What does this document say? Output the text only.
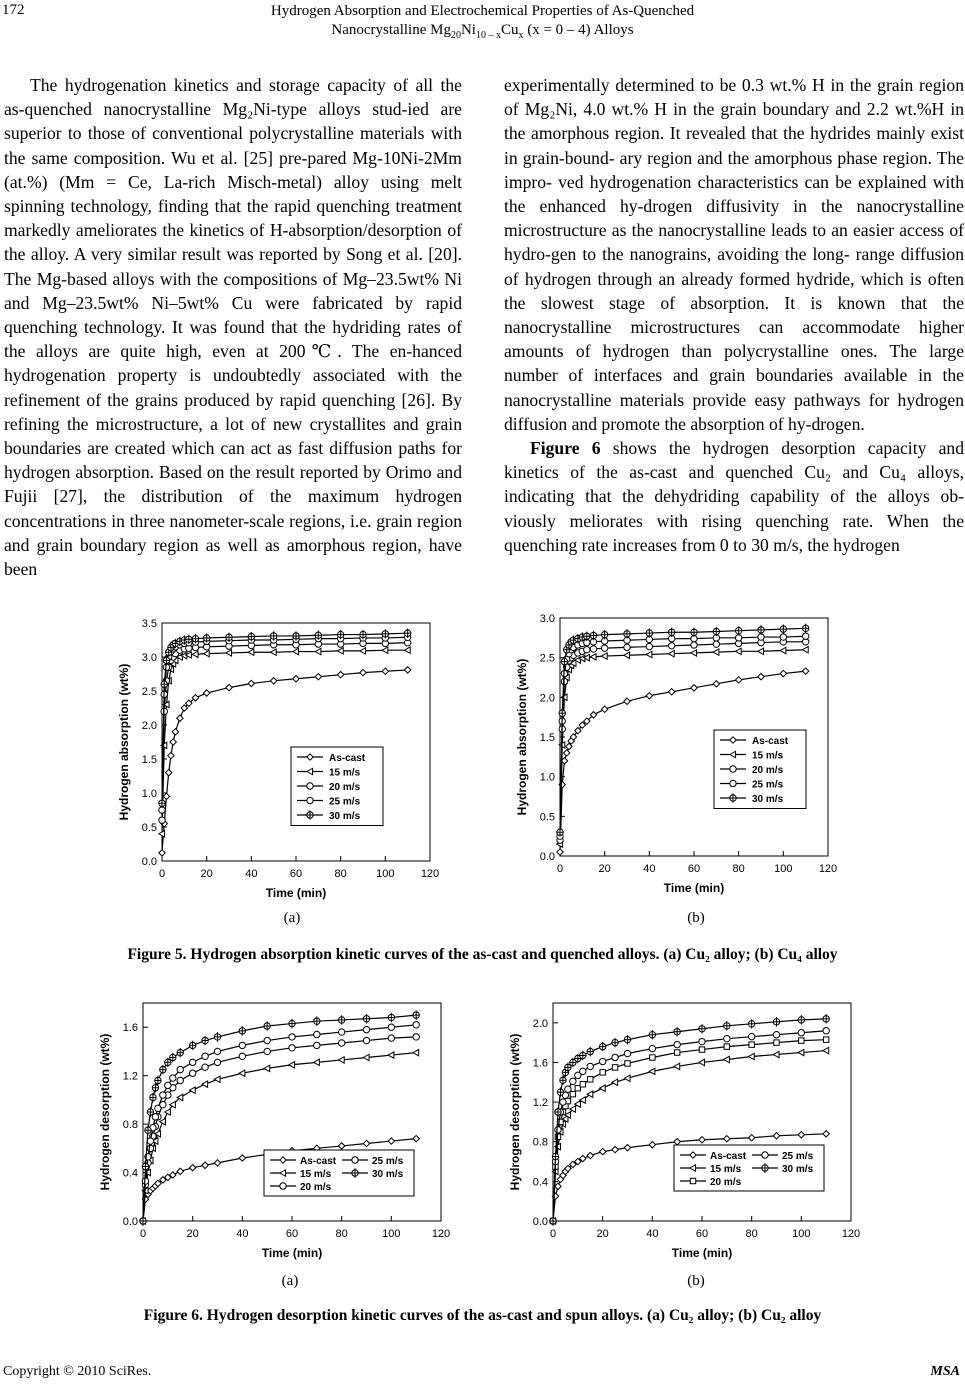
172	Hydrogen Absorption and Electrochemical Properties of As-Quenched
Nanocrystalline $Mg_{20}Ni_{10 - x}Cu_x$ (x = 0 – 4) Alloys

The hydrogenation kinetics and storage capacity of all the as-quenched nanocrystalline Mg₂Ni-type alloys stud-ied are superior to those of conventional polycrystalline materials with the same composition. Wu et al. [25] pre-pared Mg-10Ni-2Mm (at.%) (Mm = Ce, La-rich Misch-metal) alloy using melt spinning technology, finding that the rapid quenching treatment markedly ameliorates the kinetics of H-absorption/desorption of the alloy. A very similar result was reported by Song et al. [20]. The Mg-based alloys with the compositions of Mg–23.5wt% Ni and Mg–23.5wt% Ni–5wt% Cu were fabricated by rapid quenching technology. It was found that the hydriding rates of the alloys are quite high, even at 200℃. The en-hanced hydrogenation property is undoubtedly associated with the refinement of the grains produced by rapid quenching [26]. By refining the microstructure, a lot of new crystallites and grain boundaries are created which can act as fast diffusion paths for hydrogen absorption. Based on the result reported by Orimo and Fujii [27], the distribution of the maximum hydrogen concentrations in three nanometer-scale regions, i.e. grain region and grain boundary region as well as amorphous region, have been

experimentally determined to be 0.3 wt.% H in the grain region of Mg₂Ni, 4.0 wt.% H in the grain boundary and 2.2 wt.%H in the amorphous region. It revealed that the hydrides mainly exist in grain-bound- ary region and the amorphous phase region. The impro- ved hydrogenation characteristics can be explained with the enhanced hy-drogen diffusivity in the nanocrystalline microstructure as the nanocrystalline leads to an easier access of hydro-gen to the nanograins, avoiding the long- range diffusion of hydrogen through an already formed hydride, which is often the slowest stage of absorption. It is known that the nanocrystalline microstructures can accommodate higher amounts of hydrogen than polycrystalline ones. The large number of interfaces and grain boundaries available in the nanocrystalline materials provide easy pathways for hydrogen diffusion and promote the absorption of hy-drogen.

Figure 6 shows the hydrogen desorption capacity and kinetics of the as-cast and quenched Cu₂ and Cu₄ alloys, indicating that the dehydriding capability of the alloys ob-viously meliorates with rising quenching rate. When the quenching rate increases from 0 to 30 m/s, the hydrogen

0	20	40	60	80	100 120
0.0
0.5
1.0
1.5
2.0
2.5
3.0
3.5
Time (min)
Hydrogen absorption (wt%)	As-cast
15 m/s
20 m/s
25 m/s
30 m/s
0	20	40	60	80	100 120
0.0
0.5
1.0
1.5
2.0
2.5
3.0
Time (min)
Hydrogen absorption (wt%)	As-cast
15 m/s
20 m/s
25 m/s
30 m/s
(a)	(b)
Figure 5. Hydrogen absorption kinetic curves of the as-cast and quenched alloys. (a) Cu₂ alloy; (b) Cu₄ alloy
0	20	40	60	80	100	120
0.0
0.4
0.8
1.2
1.6
Time (min)
Hydrogen desorption (wt%)	As-cast
15 m/s
20 m/s
25 m/s
30 m/s
0	20	40	60	80	100	120
0.0
0.4
0.8
1.2
1.6
2.0
Time (min)
Hydrogen desorption (wt%)	As-cast
15 m/s
20 m/s
25 m/s
30 m/s
(a)	(b)
Figure 6. Hydrogen desorption kinetic curves of the as-cast and spun alloys. (a) Cu₂ alloy; (b) Cu₂ alloy
Copyright © 2010 SciRes.	MSA
